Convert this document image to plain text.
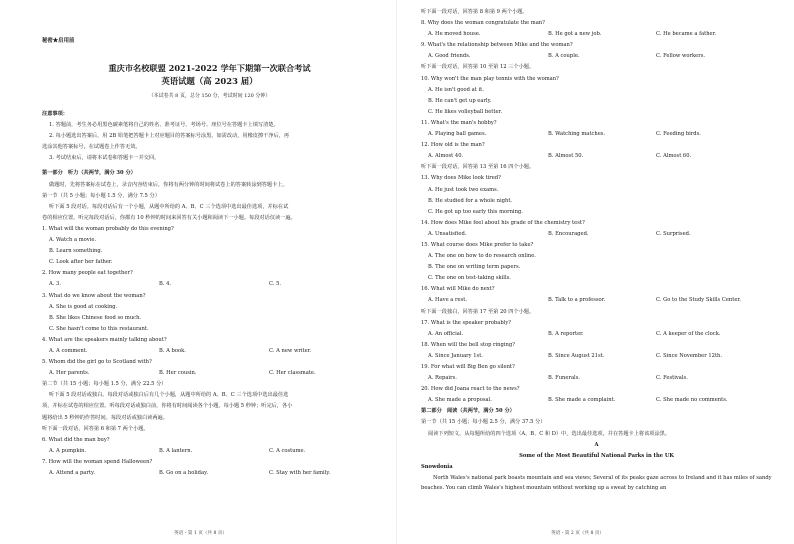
秘密★启用前
重庆市名校联盟 2021-2022 学年下期第一次联合考试
英语试题（高 2023 届）
（本试卷共 8 页，总分 150 分，考试时间 120 分钟）
注意事项：
1. 答题前，考生务必用黑色碳素笔将自己的姓名、准考证号、考场号、座位号在答题卡上填写清楚。
2. 每小题选出答案后，用 2B 铅笔把答题卡上对应题目的答案标号涂黑，如需改动，用橡皮擦干净后，再
选涂其他答案标号，在试题卷上作答无效。
3. 考试结束后，请将本试卷和答题卡一并交回。
第一部分　听力（共两节，满分 30 分）
做题时，先将答案标在试卷上，录音内容结束后，你将有两分钟的时间将试卷上的答案转涂到答题卡上。
第一节（共 5 小题；每小题 1.5 分，满分 7.5 分）
听下面 5 段对话。每段对话后有一个小题，从题中所给的 A、B、C 三个选项中选出最佳选项，并标在试
卷的相应位置。听完每段对话后，你都有 10 秒钟的时间来回答有关小题和阅读下一小题。每段对话仅读一遍。
1. What will the woman probably do this evening?
A. Watch a movie.
B. Learn something.
C. Look after her father.
2. How many people eat together?
A. 3.	B. 4.	C. 5.
3. What do we know about the woman?
A. She is good at cooking.
B. She likes Chinese food so much.
C. She hasn't come to this restaurant.
4. What are the speakers mainly talking about?
A. A comment.	B. A book.	C. A new writer.
5. Whom did the girl go to Scotland with?
A. Her parents.	B. Her cousin.	C. Her classmate.
第二节（共 15 小题；每小题 1.5 分，满分 22.5 分）
听下面 5 段对话或独白。每段对话或独白后有几个小题，从题中所给的 A、B、C 三个选项中选出最佳选
项，并标在试卷的相应位置。听每段对话或独白前，你将有时间阅读各个小题，每小题 5 秒钟；听完后，各小
题将给出 5 秒钟的作答时间。每段对话或独白读两遍。
听下面一段对话，回答第 6 和第 7 两个小题。
6. What did the man buy?
A. A pumpkin.	B. A lantern.	C. A costume.
7. How will the woman spend Halloween?
A. Attend a party.	B. Go on a holiday.	C. Stay with her family.
听下面一段对话，回答第 8 和第 9 两个小题。
8. Why does the woman congratulate the man?
A. He moved house.	B. He got a new job.	C. He became a father.
9. What's the relationship between Mike and the woman?
A. Good friends.	B. A couple.	C. Fellow workers.
听下面一段对话，回答第 10 至第 12 三个小题。
10. Why won't the man play tennis with the woman?
A. He isn't good at it.
B. He can't get up early.
C. He likes volleyball better.
11. What's the man's hobby?
A. Playing ball games.	B. Watching matches.	C. Feeding birds.
12. How old is the man?
A. Almost 40.	B. Almost 50.	C. Almost 60.
听下面一段对话，回答第 13 至第 16 四个小题。
13. Why does Mike look tired?
A. He just took two exams.
B. He studied for a whole night.
C. He got up too early this morning.
14. How does Mike feel about his grade of the chemistry test?
A. Unsatisfied.	B. Encouraged.	C. Surprised.
15. What course does Mike prefer to take?
A. The one on how to do research online.
B. The one on writing term papers.
C. The one on test-taking skills.
16. What will Mike do next?
A. Have a rest.	B. Talk to a professor.	C. Go to the Study Skills Center.
听下面一段独白，回答第 17 至第 20 四个小题。
17. What is the speaker probably?
A. An official.	B. A reporter.	C. A keeper of the clock.
18. When will the bell stop ringing?
A. Since January 1st.	B. Since August 21st.	C. Since November 12th.
19. For what will Big Ben go silent?
A. Repairs.	B. Funerals.	C. Festivals.
20. How did Joana react to the news?
A. She made a proposal.	B. She made a complaint.	C. She made no comments.
第二部分　阅读（共两节，满分 50 分）
第一节（共 15 小题；每小题 2.5 分，满分 37.5 分）
阅读下列短文，从每题所给的四个选项（A、B、C 和 D）中，选出最佳选项，并在答题卡上将该项涂黑。
A
Some of the Most Beautiful National Parks in the UK
Snowdonia
North Wales's national park boasts mountain and sea views; Several of its peaks gaze across to Ireland and it has miles of sandy beaches. You can climb Wales's highest mountain without working up a sweat by catching an
英语・第 1 页（共 8 页）	英语・第 2 页（共 8 页）
